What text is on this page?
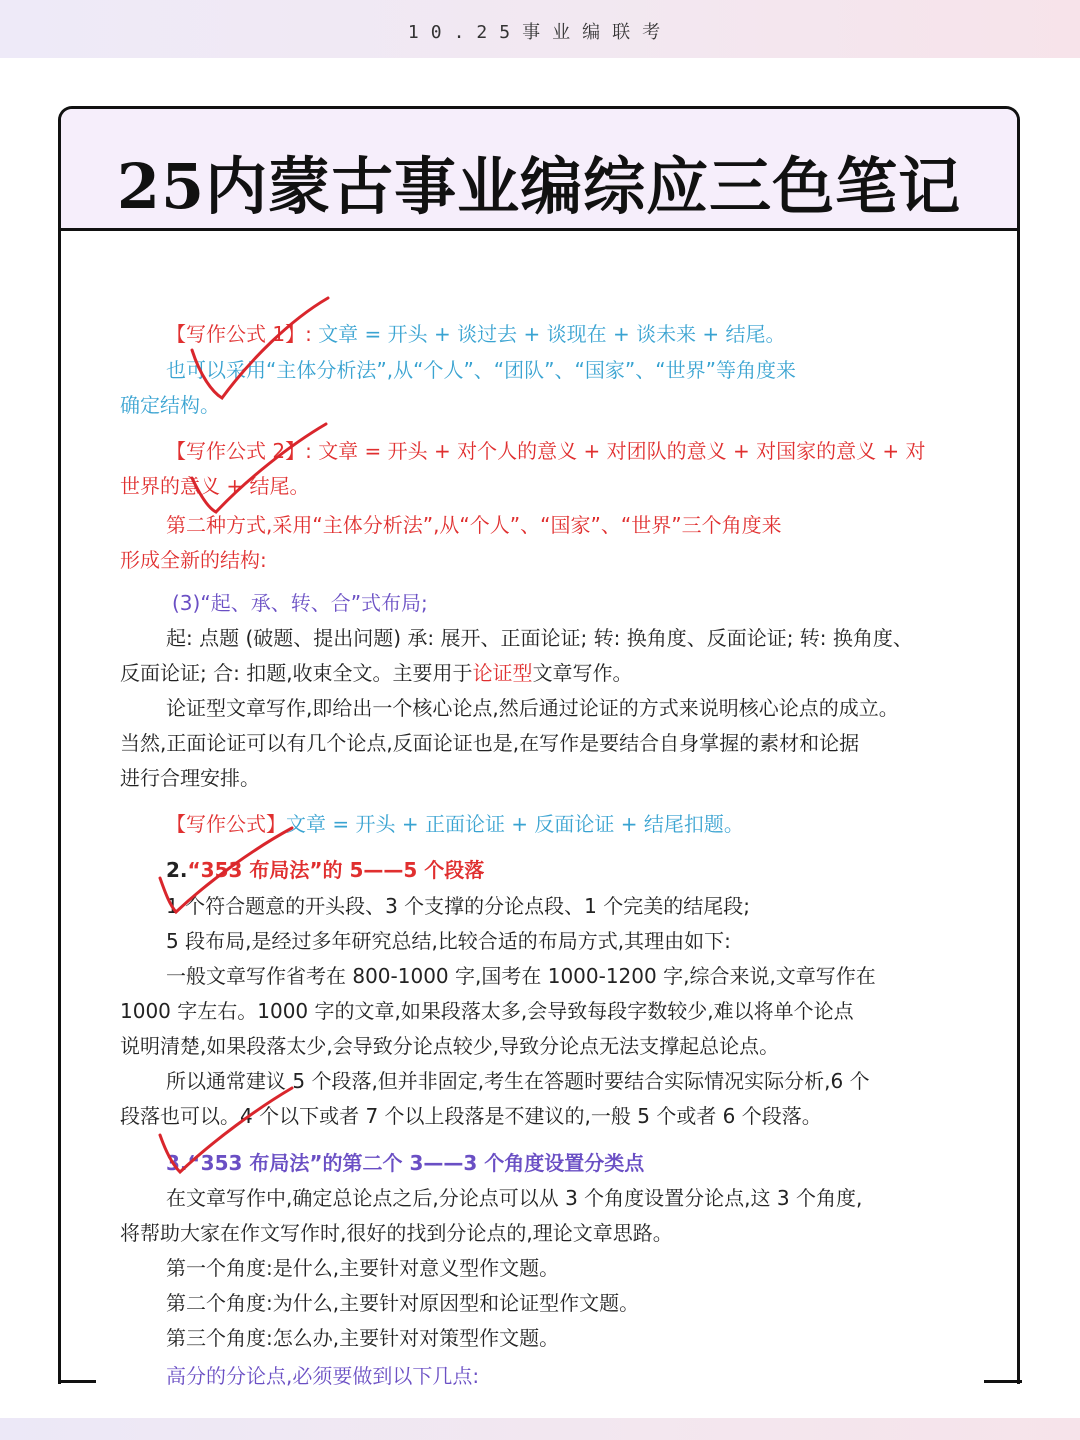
10.25事业编联考
25内蒙古事业编综应三色笔记
【写作公式 1】: 文章 = 开头 + 谈过去 + 谈现在 + 谈未来 + 结尾。
也可以采用“主体分析法”,从“个人”、“团队”、“国家”、“世界”等角度来
确定结构。
【写作公式 2】: 文章 = 开头 + 对个人的意义 + 对团队的意义 + 对国家的意义 + 对
世界的意义 + 结尾。
第二种方式,采用“主体分析法”,从“个人”、“国家”、“世界”三个角度来
形成全新的结构:
(3)“起、承、转、合”式布局;
起: 点题 (破题、提出问题) 承: 展开、正面论证; 转: 换角度、反面论证; 转: 换角度、
反面论证; 合: 扣题,收束全文。主要用于论证型文章写作。
论证型文章写作,即给出一个核心论点,然后通过论证的方式来说明核心论点的成立。
当然,正面论证可以有几个论点,反面论证也是,在写作是要结合自身掌握的素材和论据
进行合理安排。
【写作公式】文章 = 开头 + 正面论证 + 反面论证 + 结尾扣题。
2.“353 布局法”的 5——5 个段落
1 个符合题意的开头段、3 个支撑的分论点段、1 个完美的结尾段;
5 段布局,是经过多年研究总结,比较合适的布局方式,其理由如下:
一般文章写作省考在 800-1000 字,国考在 1000-1200 字,综合来说,文章写作在
1000 字左右。1000 字的文章,如果段落太多,会导致每段字数较少,难以将单个论点
说明清楚,如果段落太少,会导致分论点较少,导致分论点无法支撑起总论点。
所以通常建议 5 个段落,但并非固定,考生在答题时要结合实际情况实际分析,6 个
段落也可以。4 个以下或者 7 个以上段落是不建议的,一般 5 个或者 6 个段落。
3.“353 布局法”的第二个 3——3 个角度设置分类点
在文章写作中,确定总论点之后,分论点可以从 3 个角度设置分论点,这 3 个角度,
将帮助大家在作文写作时,很好的找到分论点的,理论文章思路。
第一个角度:是什么,主要针对意义型作文题。
第二个角度:为什么,主要针对原因型和论证型作文题。
第三个角度:怎么办,主要针对对策型作文题。
高分的分论点,必须要做到以下几点:
